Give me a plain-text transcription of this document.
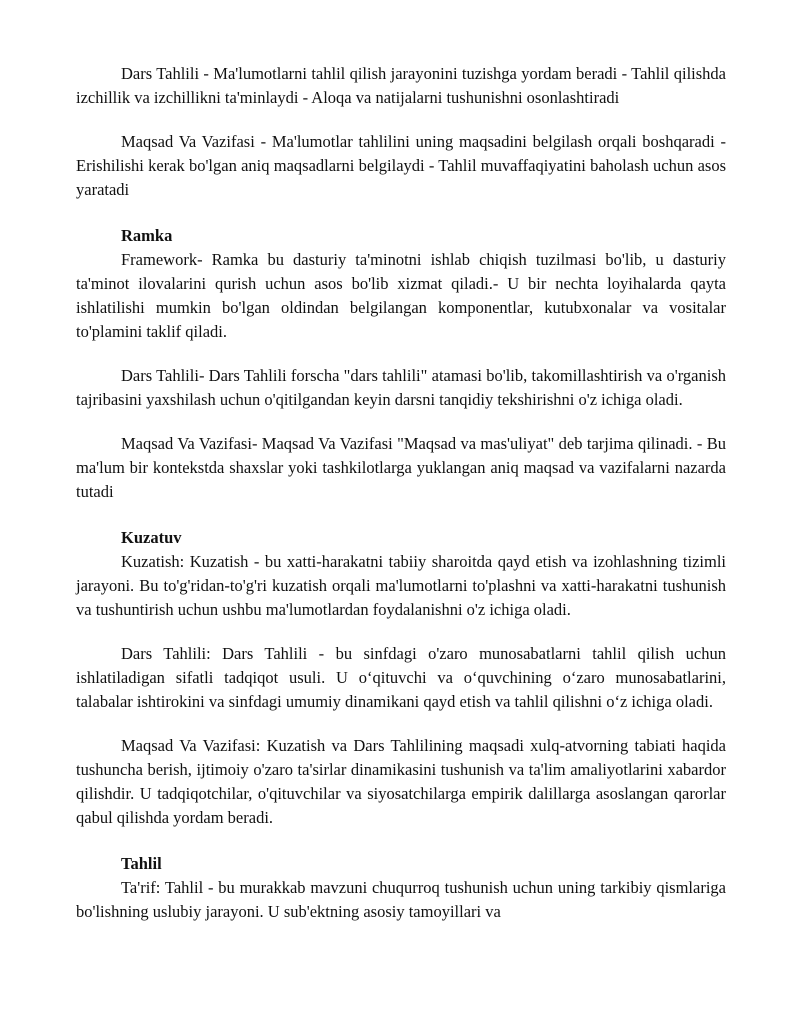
Dars Tahlili - Ma'lumotlarni tahlil qilish jarayonini tuzishga yordam beradi - Tahlil qilishda izchillik va izchillikni ta'minlaydi - Aloqa va natijalarni tushunishni osonlashtiradi

Maqsad Va Vazifasi - Ma'lumotlar tahlilini uning maqsadini belgilash orqali boshqaradi - Erishilishi kerak bo'lgan aniq maqsadlarni belgilaydi - Tahlil muvaffaqiyatini baholash uchun asos yaratadi

Ramka

Framework- Ramka bu dasturiy ta'minotni ishlab chiqish tuzilmasi bo'lib, u dasturiy ta'minot ilovalarini qurish uchun asos bo'lib xizmat qiladi.- U bir nechta loyihalarda qayta ishlatilishi mumkin bo'lgan oldindan belgilangan komponentlar, kutubxonalar va vositalar to'plamini taklif qiladi.

Dars Tahlili- Dars Tahlili forscha "dars tahlili" atamasi bo'lib, takomillashtirish va o'rganish tajribasini yaxshilash uchun o'qitilgandan keyin darsni tanqidiy tekshirishni o'z ichiga oladi.

Maqsad Va Vazifasi- Maqsad Va Vazifasi "Maqsad va mas'uliyat" deb tarjima qilinadi. - Bu ma'lum bir kontekstda shaxslar yoki tashkilotlarga yuklangan aniq maqsad va vazifalarni nazarda tutadi

Kuzatuv

Kuzatish: Kuzatish - bu xatti-harakatni tabiiy sharoitda qayd etish va izohlashning tizimli jarayoni. Bu to'g'ridan-to'g'ri kuzatish orqali ma'lumotlarni to'plashni va xatti-harakatni tushunish va tushuntirish uchun ushbu ma'lumotlardan foydalanishni o'z ichiga oladi.

Dars Tahlili: Dars Tahlili - bu sinfdagi o'zaro munosabatlarni tahlil qilish uchun ishlatiladigan sifatli tadqiqot usuli. U o‘qituvchi va o‘quvchining o‘zaro munosabatlarini, talabalar ishtirokini va sinfdagi umumiy dinamikani qayd etish va tahlil qilishni o‘z ichiga oladi.

Maqsad Va Vazifasi: Kuzatish va Dars Tahlilining maqsadi xulq-atvorning tabiati haqida tushuncha berish, ijtimoiy o'zaro ta'sirlar dinamikasini tushunish va ta'lim amaliyotlarini xabardor qilishdir. U tadqiqotchilar, o'qituvchilar va siyosatchilarga empirik dalillarga asoslangan qarorlar qabul qilishda yordam beradi.

Tahlil

Ta'rif: Tahlil - bu murakkab mavzuni chuqurroq tushunish uchun uning tarkibiy qismlariga bo'lishning uslubiy jarayoni. U sub'ektning asosiy tamoyillari va
